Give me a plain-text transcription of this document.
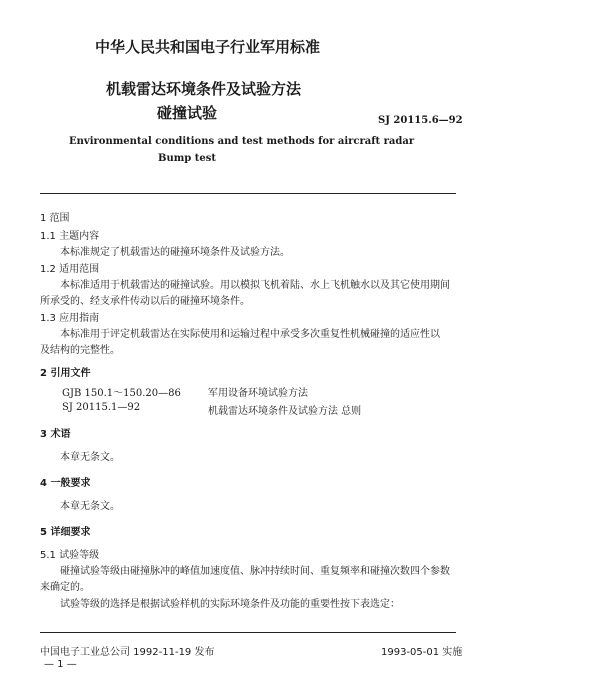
中华人民共和国电子行业军用标准
机载雷达环境条件及试验方法
碰撞试验	SJ 20115.6—92
Environmental conditions and test methods for aircraft radar
Bump test
1 范围
1.1 主题内容
本标准规定了机载雷达的碰撞环境条件及试验方法。
1.2 适用范围
本标准适用于机载雷达的碰撞试验。用以模拟飞机着陆、水上飞机触水以及其它使用期间
所承受的、经支承件传动以后的碰撞环境条件。
1.3 应用指南
本标准用于评定机载雷达在实际使用和运输过程中承受多次重复性机械碰撞的适应性以
及结构的完整性。
2 引用文件
GJB 150.1～150.20—86	军用设备环境试验方法
SJ 20115.1—92	机载雷达环境条件及试验方法 总则
3 术语
本章无条文。
4 一般要求
本章无条文。
5 详细要求
5.1 试验等级
碰撞试验等级由碰撞脉冲的峰值加速度值、脉冲持续时间、重复频率和碰撞次数四个参数
来确定的。
试验等级的选择是根据试验样机的实际环境条件及功能的重要性按下表选定：
中国电子工业总公司 1992-11-19 发布	1993-05-01 实施
— 1 —
